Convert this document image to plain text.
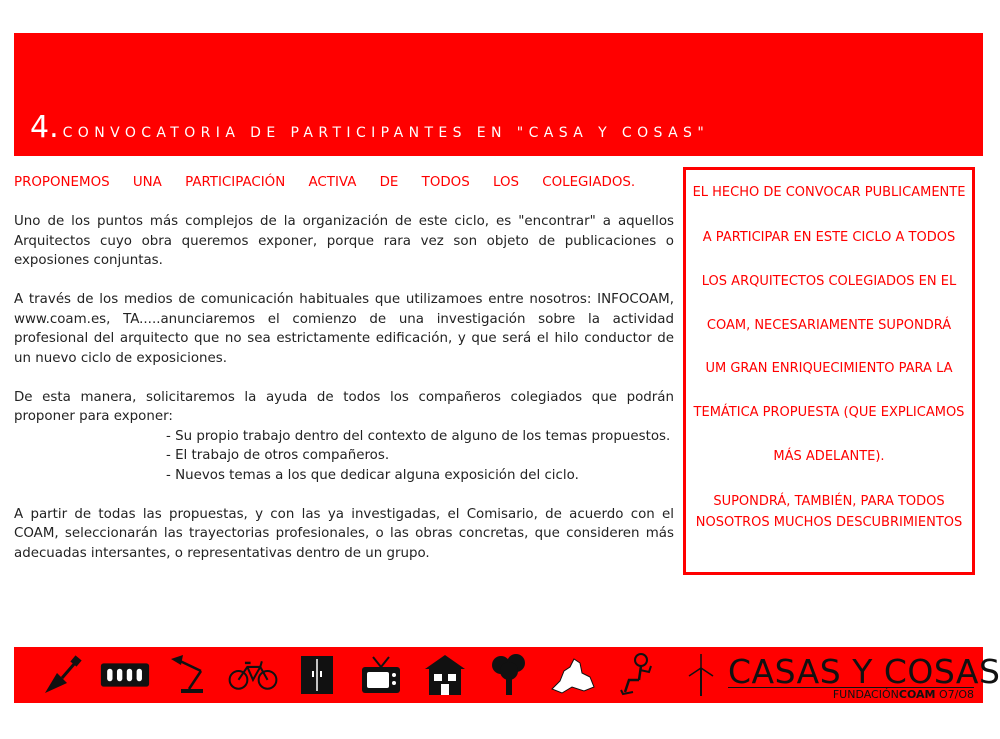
4. CONVOCATORIA DE PARTICIPANTES EN "CASA Y COSAS"

PROPONEMOS UNA PARTICIPACIÓN ACTIVA DE TODOS LOS COLEGIADOS.

Uno de los puntos más complejos de la organización de este ciclo, es "encontrar" a aquellos Arquitectos cuyo obra queremos exponer, porque rara vez son objeto de publicaciones o exposiones conjuntas.

A través de los medios de comunicación habituales que utilizamoes entre nosotros: INFOCOAM, www.coam.es, TA.....anunciaremos el comienzo de una investigación sobre la actividad profesional del arquitecto que no sea estrictamente edificación, y que será el hilo conductor de un nuevo ciclo de exposiciones.

De esta manera, solicitaremos la ayuda de todos los compañeros colegiados que podrán proponer para exponer:

- Su propio trabajo dentro del contexto de alguno de los temas propuestos.
- El trabajo de otros compañeros.
- Nuevos temas a los que dedicar alguna exposición del ciclo.

A partir de todas las propuestas, y con las ya investigadas, el Comisario, de acuerdo con el COAM, seleccionarán las trayectorias profesionales, o las obras concretas, que consideren más adecuadas intersantes, o representativas dentro de un grupo.

EL HECHO DE CONVOCAR PUBLICAMENTE
A PARTICIPAR EN ESTE CICLO A TODOS
LOS ARQUITECTOS COLEGIADOS EN EL
COAM, NECESARIAMENTE SUPONDRÁ
UM GRAN ENRIQUECIMIENTO PARA LA
TEMÁTICA PROPUESTA (QUE EXPLICAMOS
MÁS ADELANTE).
SUPONDRÁ, TAMBIÉN, PARA TODOS
NOSOTROS MUCHOS DESCUBRIMIENTOS
CASAS Y COSAS
FUNDACIÓNCOAM O7/O8
